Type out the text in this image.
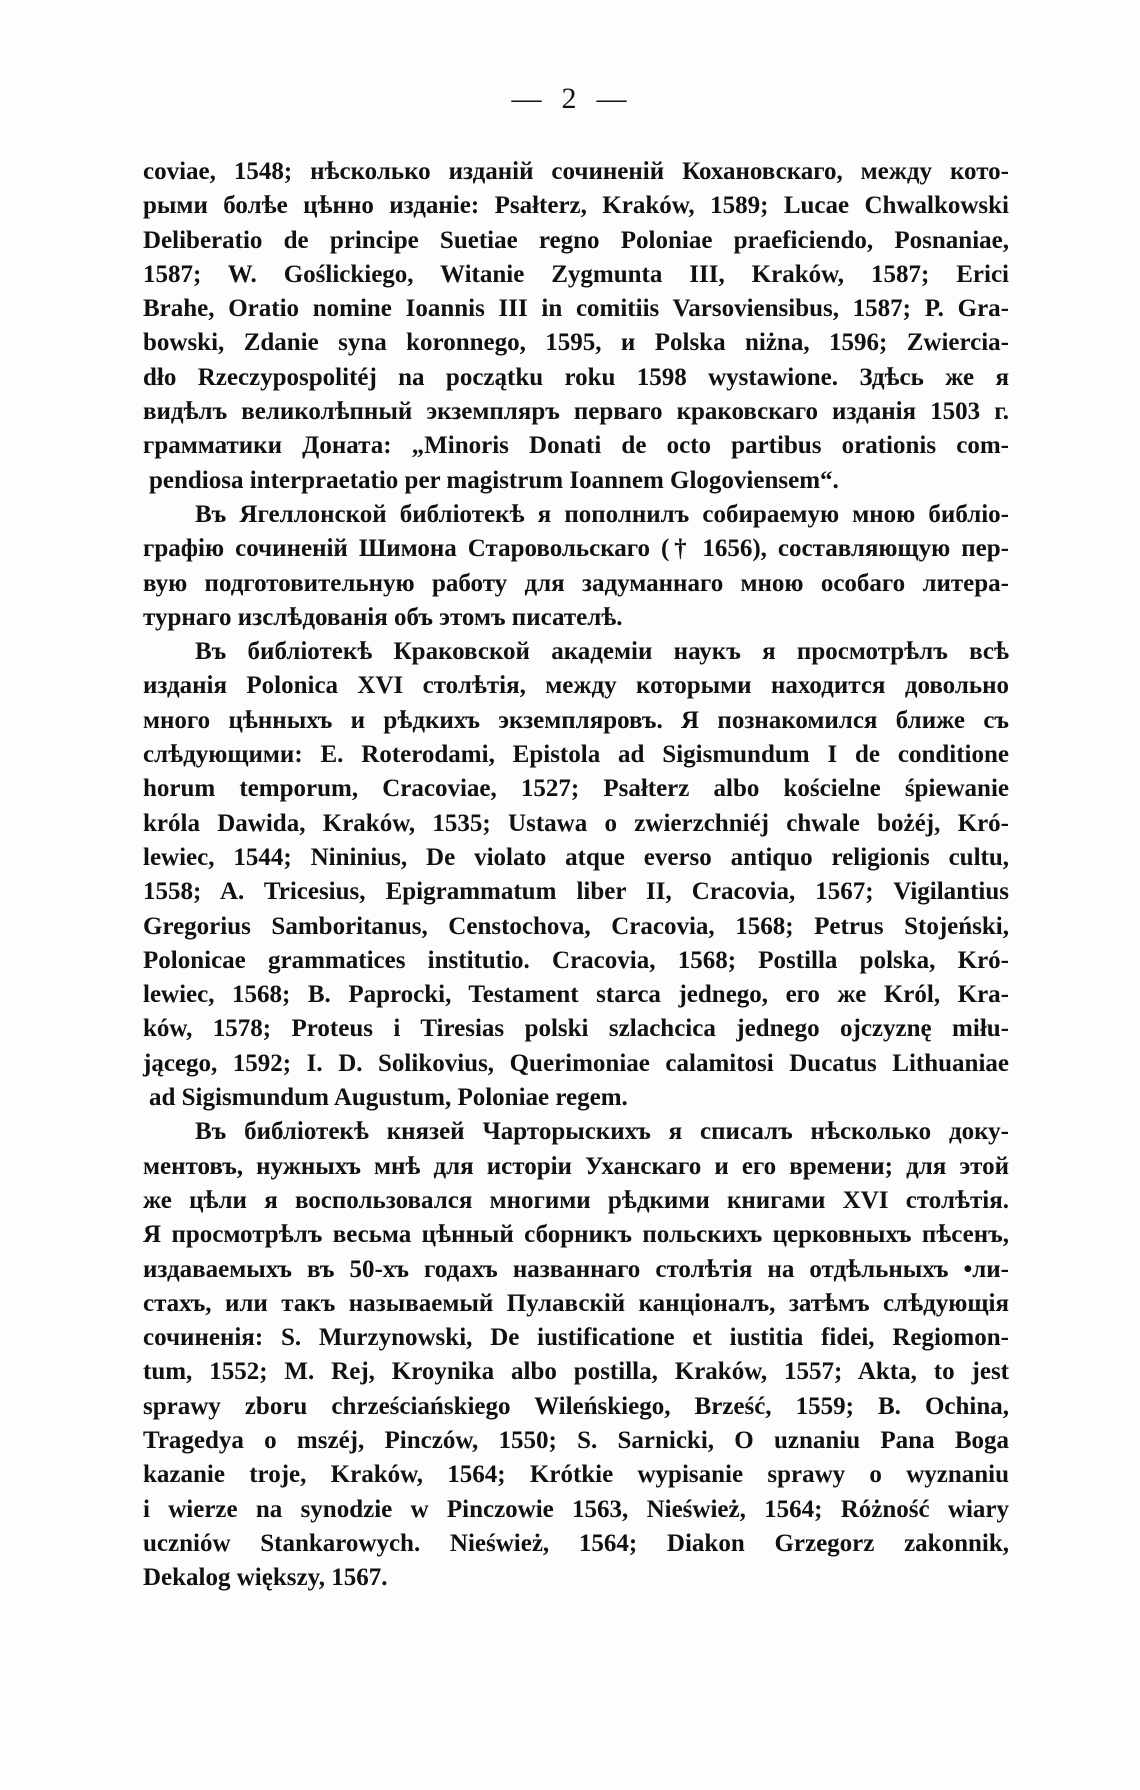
— 2 —
coviae, 1548; нѣсколько изданій сочиненій Кохановскаго, между кото-
рыми болѣе цѣнно изданіе: Psałterz, Kraków, 1589; Lucae Chwalkowski
Deliberatio de principe Suetiae regno Poloniae praeficiendo, Posnaniae,
1587; W. Goślickiego, Witanie Zygmunta III, Kraków, 1587; Erici
Brahe, Oratio nomine Ioannis III in comitiis Varsoviensibus, 1587; P. Gra-
bowski, Zdanie syna koronnego, 1595, и Polska niżna, 1596; Zwiercia-
dło Rzeczypospolitéj na początku roku 1598 wystawione. Здѣсь же я
видѣлъ великолѣпный экземпляръ перваго краковскаго изданія 1503 г.
грамматики Доната: „Minoris Donati de octo partibus orationis com-
pendiosa interpraetatio per magistrum Ioannem Glogoviensem“.
Въ Ягеллонской библіотекѣ я пополнилъ собираемую мною библіо-
графію сочиненій Шимона Старовольскаго († 1656), составляющую пер-
вую подготовительную работу для задуманнаго мною особаго литера-
турнаго изслѣдованія объ этомъ писателѣ.
Въ библіотекѣ Краковской академіи наукъ я просмотрѣлъ всѣ
изданія Polonica XVI столѣтія, между которыми находится довольно
много цѣнныхъ и рѣдкихъ экземпляровъ. Я познакомился ближе съ
слѣдующими: E. Roterodami, Epistola ad Sigismundum I de conditione
horum temporum, Cracoviae, 1527; Psałterz albo kościelne śpiewanie
króla Dawida, Kraków, 1535; Ustawa o zwierzchniéj chwale bożéj, Kró-
lewiec, 1544; Nininius, De violato atque everso antiquo religionis cultu,
1558; A. Tricesius, Epigrammatum liber II, Cracovia, 1567; Vigilantius
Gregorius Samboritanus, Censtochova, Cracovia, 1568; Petrus Stojeński,
Polonicae grammatices institutio. Cracovia, 1568; Postilla polska, Kró-
lewiec, 1568; B. Paprocki, Testament starca jednego, его же Król, Kra-
ków, 1578; Proteus i Tiresias polski szlachcica jednego ojczyznę miłu-
jącego, 1592; I. D. Solikovius, Querimoniae calamitosi Ducatus Lithuaniae
ad Sigismundum Augustum, Poloniae regem.
Въ библіотекѣ князей Чарторыскихъ я списалъ нѣсколько доку-
ментовъ, нужныхъ мнѣ для исторіи Уханскаго и его времени; для этой
же цѣли я воспользовался многими рѣдкими книгами XVI столѣтія.
Я просмотрѣлъ весьма цѣнный сборникъ польскихъ церковныхъ пѣсенъ,
издаваемыхъ въ 50-хъ годахъ названнаго столѣтія на отдѣльныхъ •ли-
стахъ, или такъ называемый Пулавскій канціоналъ, затѣмъ слѣдующія
сочиненія: S. Murzynowski, De iustificatione et iustitia fidei, Regiomon-
tum, 1552; M. Rej, Kroynika albo postilla, Kraków, 1557; Akta, to jest
sprawy zboru chrześciańskiego Wileńskiego, Brześć, 1559; B. Ochina,
Tragedya o mszéj, Pinczów, 1550; S. Sarnicki, O uznaniu Pana Boga
kazanie troje, Kraków, 1564; Krótkie wypisanie sprawy o wyznaniu
i wierze na synodzie w Pinczowie 1563, Nieśwież, 1564; Różność wiary
uczniów Stankarowych. Nieśwież, 1564; Diakon Grzegorz zakonnik,
Dekalog większy, 1567.
